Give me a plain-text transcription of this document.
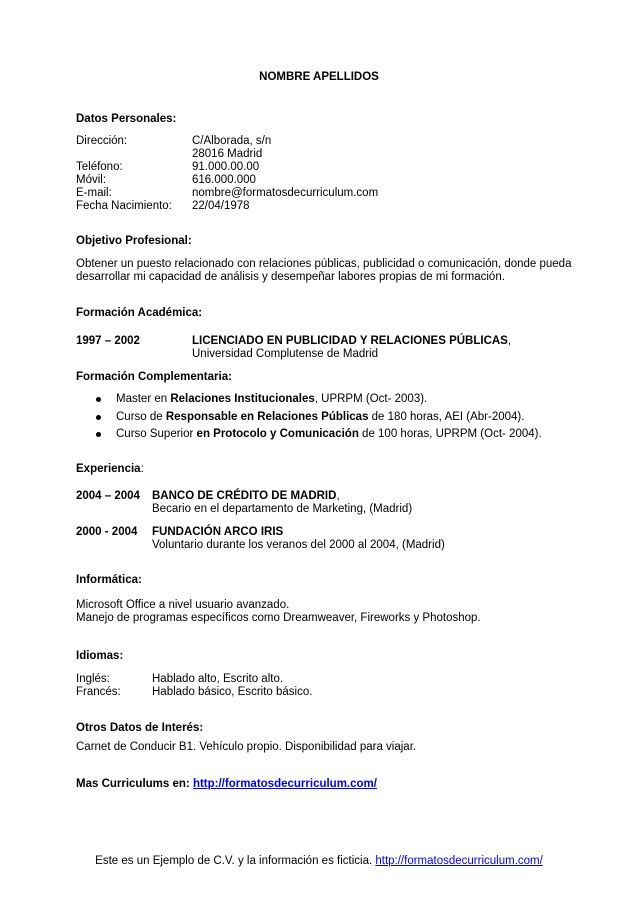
NOMBRE APELLIDOS
Datos Personales:
Dirección:	C/Alborada, s/n
28016 Madrid
Teléfono:	91.000.00.00
Móvil:	616.000.000
E-mail:	nombre@formatosdecurriculum.com
Fecha Nacimiento: 22/04/1978
Objetivo Profesional:
Obtener un puesto relacionado con relaciones públicas, publicidad o comunicación, donde pueda
desarrollar mi capacidad de análisis y desempeñar labores propias de mi formación.
Formación Académica:
1997 – 2002	LICENCIADO EN PUBLICIDAD Y RELACIONES PÚBLICAS,
Universidad Complutense de Madrid
Formación Complementaria:
Master en Relaciones Institucionales, UPRPM (Oct- 2003).
Curso de Responsable en Relaciones Públicas de 180 horas, AEI (Abr-2004).
Curso Superior en Protocolo y Comunicación de 100 horas, UPRPM (Oct- 2004).
Experiencia:
2004 – 2004 BANCO DE CRÉDITO DE MADRID,
Becario en el departamento de Marketing, (Madrid)
2000 - 2004 FUNDACIÓN ARCO IRIS
Voluntario durante los veranos del 2000 al 2004, (Madrid)
Informática:
Microsoft Office a nivel usuario avanzado.
Manejo de programas específicos como Dreamweaver, Fireworks y Photoshop.
Idiomas:
Inglés:	Hablado alto, Escrito alto.
Francés:	Hablado básico, Escrito básico.
Otros Datos de Interés:
Carnet de Conducir B1. Vehículo propio. Disponibilidad para viajar.
Mas Curriculums en: http://formatosdecurriculum.com/
Este es un Ejemplo de C.V. y la información es ficticia. http://formatosdecurriculum.com/
